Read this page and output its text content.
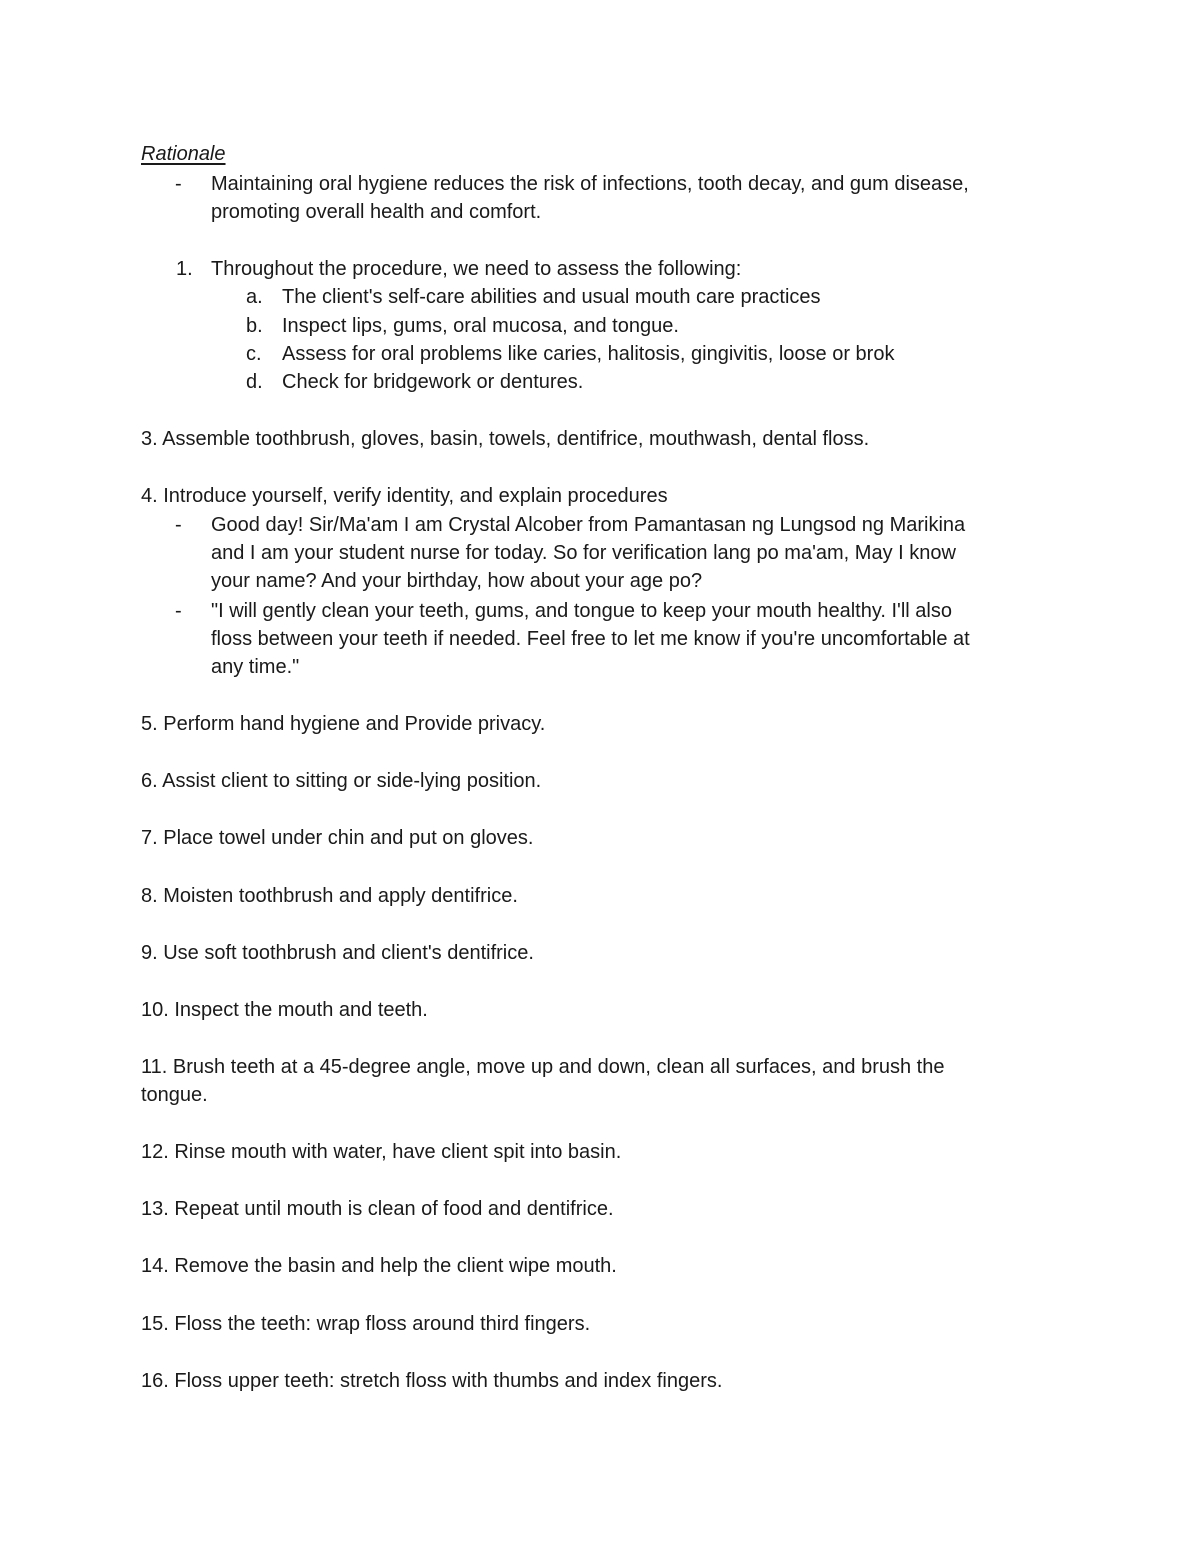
Rationale
- Maintaining oral hygiene reduces the risk of infections, tooth decay, and gum disease,
promoting overall health and comfort.
1. Throughout the procedure, we need to assess the following:
a. The client's self-care abilities and usual mouth care practices
b. Inspect lips, gums, oral mucosa, and tongue.
c. Assess for oral problems like caries, halitosis, gingivitis, loose or brok
d. Check for bridgework or dentures.
3. Assemble toothbrush, gloves, basin, towels, dentifrice, mouthwash, dental floss.
4. Introduce yourself, verify identity, and explain procedures
- Good day! Sir/Ma'am I am Crystal Alcober from Pamantasan ng Lungsod ng Marikina
and I am your student nurse for today. So for verification lang po ma'am, May I know
your name? And your birthday, how about your age po?
- "I will gently clean your teeth, gums, and tongue to keep your mouth healthy. I'll also
floss between your teeth if needed. Feel free to let me know if you're uncomfortable at
any time."
5. Perform hand hygiene and Provide privacy.
6. Assist client to sitting or side-lying position.
7. Place towel under chin and put on gloves.
8. Moisten toothbrush and apply dentifrice.
9. Use soft toothbrush and client's dentifrice.
10. Inspect the mouth and teeth.
11. Brush teeth at a 45-degree angle, move up and down, clean all surfaces, and brush the
tongue.
12. Rinse mouth with water, have client spit into basin.
13. Repeat until mouth is clean of food and dentifrice.
14. Remove the basin and help the client wipe mouth.
15. Floss the teeth: wrap floss around third fingers.
16. Floss upper teeth: stretch floss with thumbs and index fingers.
